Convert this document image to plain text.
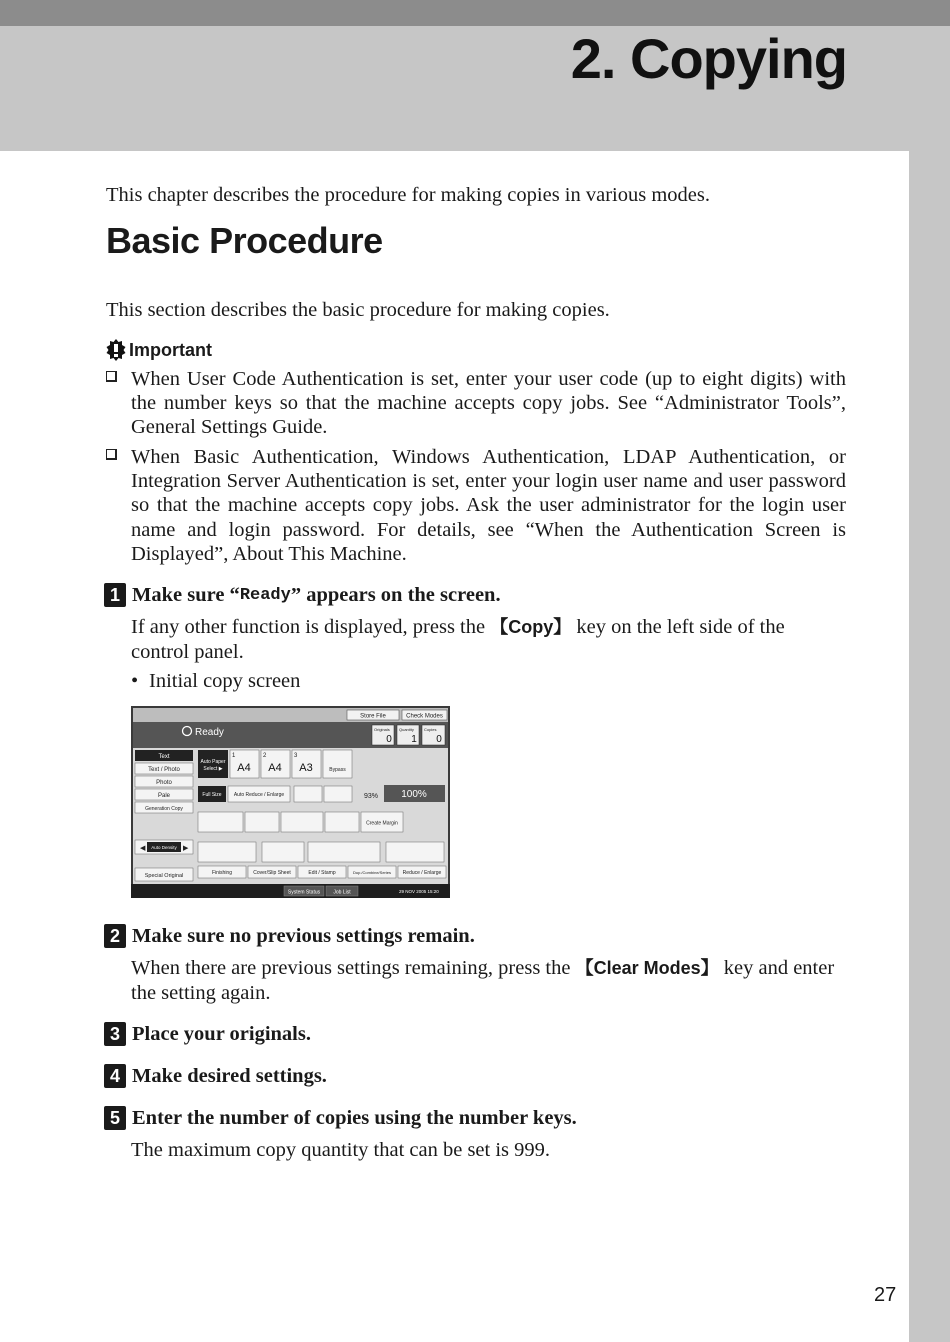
2. Copying
This chapter describes the procedure for making copies in various modes.
Basic Procedure
This section describes the basic procedure for making copies.
Important
When User Code Authentication is set, enter your user code (up to eight digits) with the number keys so that the machine accepts copy jobs. See “Administrator Tools”, General Settings Guide.
When Basic Authentication, Windows Authentication, LDAP Authentication, or Integration Server Authentication is set, enter your login user name and user password so that the machine accepts copy jobs. Ask the user administrator for the login user name and login password. For details, see “When the Authentication Screen is Displayed”, About This Machine.
1 Make sure “ Ready ” appears on the screen.
If any other function is displayed, press the 【Copy】 key on the left side of the control panel.
• Initial copy screen
Store File	Check Modes
Ready	Originals
0
Quantity
1
Copies
0
Text
Text / Photo
Photo
Pale
Generation Copy
Auto Paper
Select ▶
1
A4
2
A4
3
A3	Bypass
Full Size Auto Reduce / Enlarge	93% 100%
Create Margin
◀ Auto Density ▶
Special Original	Finishing	Cover/Slip Sheet	Edit / Stamp	Dup./Combine/Series Reduce / Enlarge
System Status	Job List	29 NOV 2005 15:20
2 Make sure no previous settings remain.
When there are previous settings remaining, press the 【Clear Modes】 key and enter the setting again.
3 Place your originals.
4 Make desired settings.
5 Enter the number of copies using the number keys.
The maximum copy quantity that can be set is 999.
27
